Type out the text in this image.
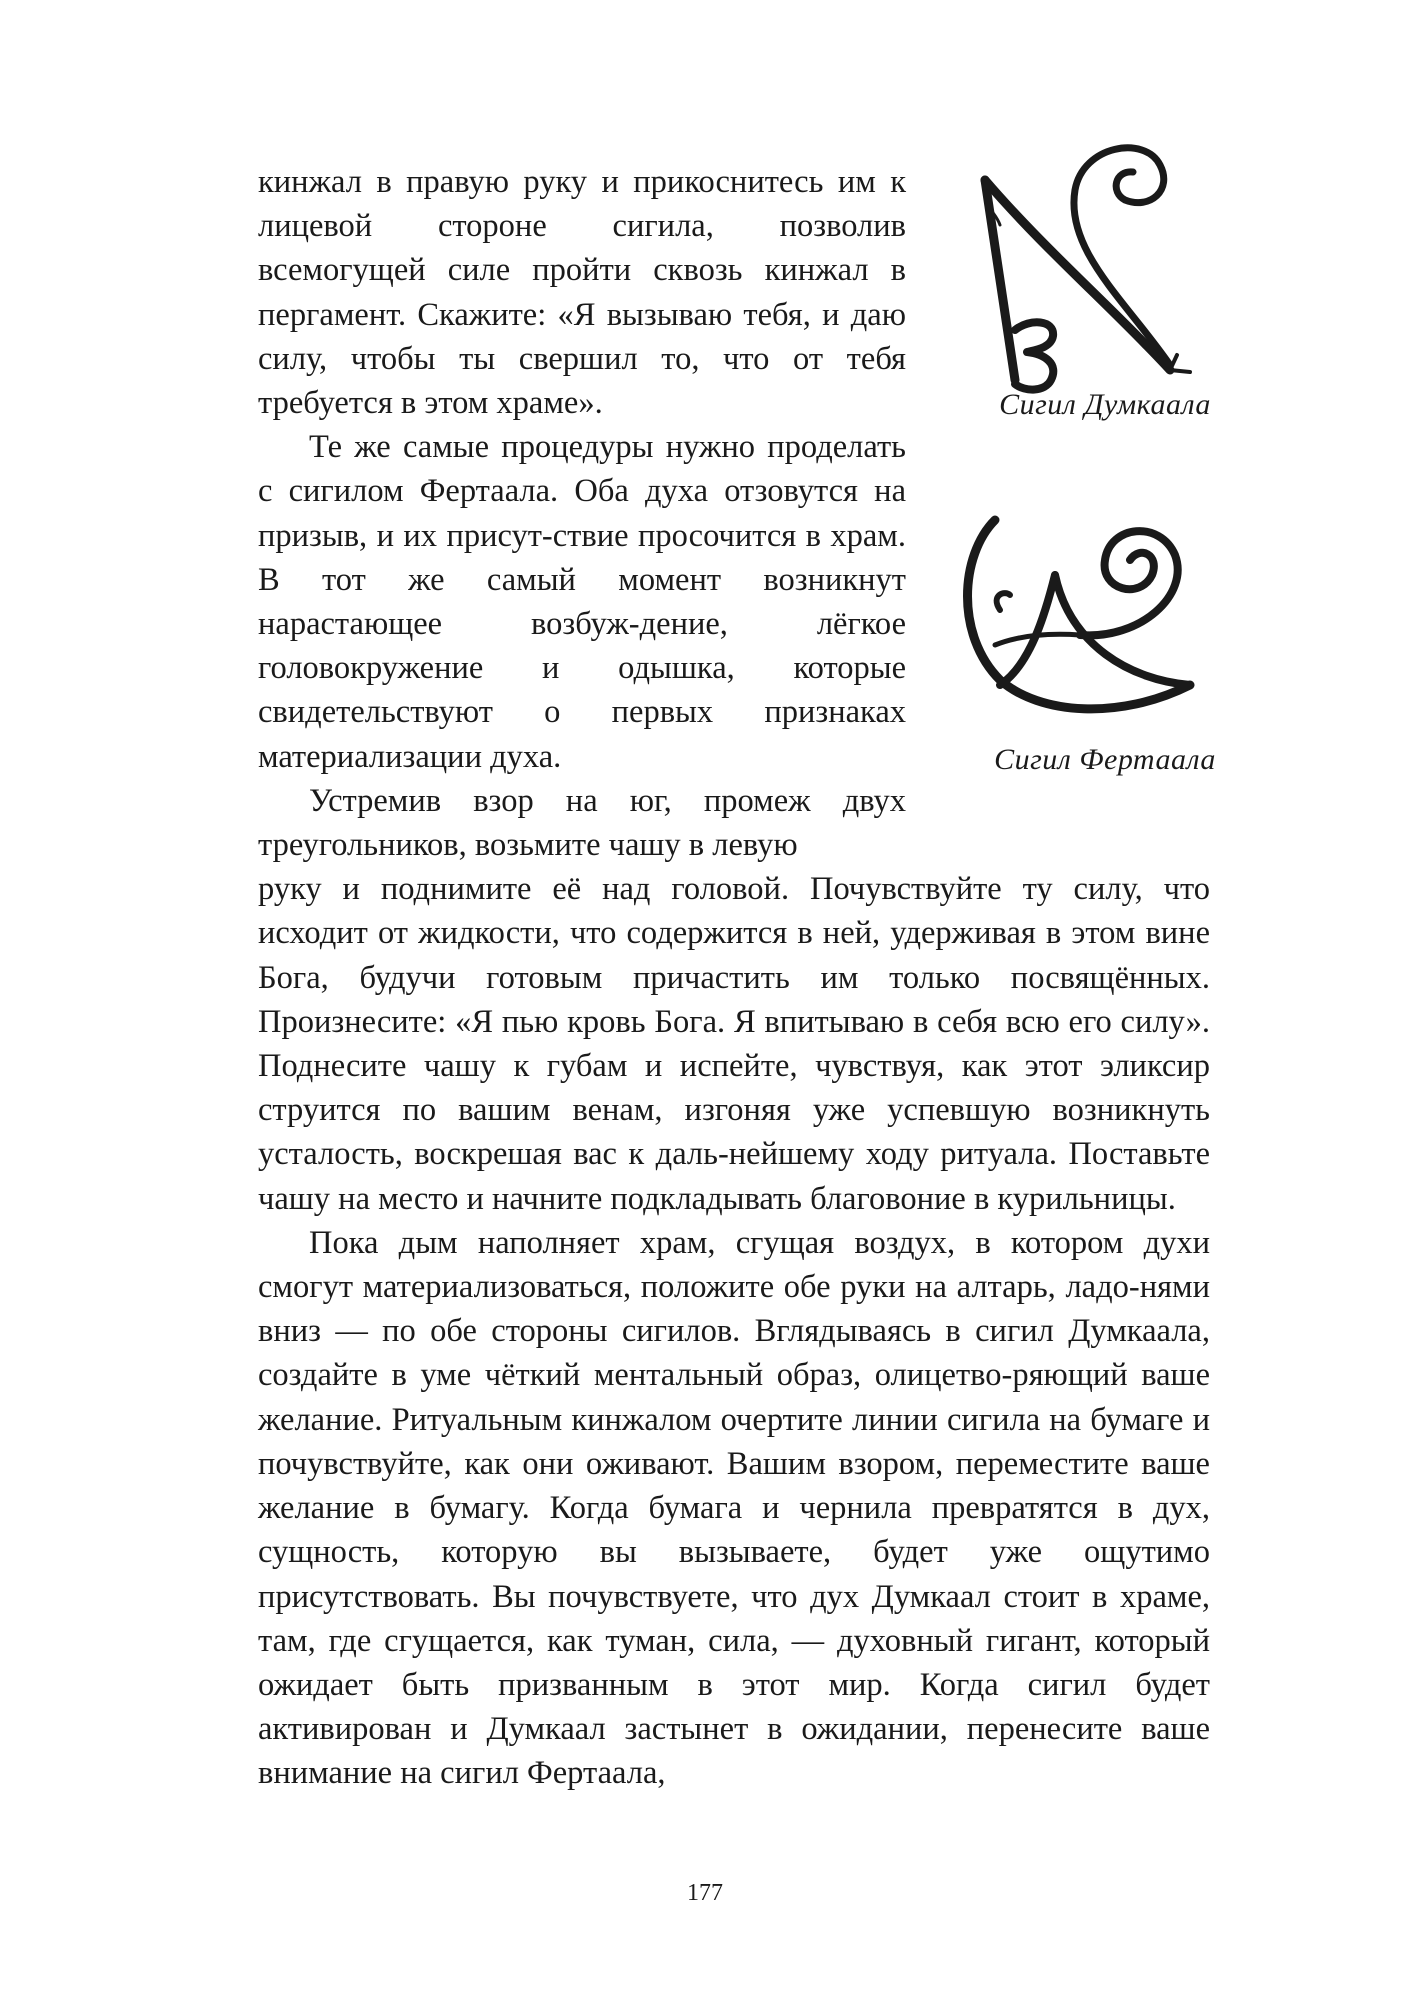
кинжал в правую руку и прикоснитесь им к лицевой стороне сигила, позволив всемогущей силе пройти сквозь кинжал в пергамент. Скажите: «Я вызываю тебя, и даю силу, чтобы ты свершил то, что от тебя требуется в этом храме».

Те же самые процедуры нужно проделать с сигилом Фертаала. Оба духа отзовутся на призыв, и их присут-ствие просочится в храм. В тот же самый момент возникнут нарастающее возбуж-дение, лёгкое головокружение и одышка, которые свидетельствуют о первых признаках материализации духа.

Устремив взор на юг, промеж двух треугольников, возьмите чашу в левую

руку и поднимите её над головой. Почувствуйте ту силу, что исходит от жидкости, что содержится в ней, удерживая в этом вине Бога, будучи готовым причастить им только посвящённых. Произнесите: «Я пью кровь Бога. Я впитываю в себя всю его силу». Поднесите чашу к губам и испейте, чувствуя, как этот эликсир струится по вашим венам, изгоняя уже успевшую возникнуть усталость, воскрешая вас к даль-нейшему ходу ритуала. Поставьте чашу на место и начните подкладывать благовоние в курильницы.

Пока дым наполняет храм, сгущая воздух, в котором духи смогут материализоваться, положите обе руки на алтарь, ладо-нями вниз — по обе стороны сигилов. Вглядываясь в сигил Думкаала, создайте в уме чёткий ментальный образ, олицетво-ряющий ваше желание. Ритуальным кинжалом очертите линии сигила на бумаге и почувствуйте, как они оживают. Вашим взором, переместите ваше желание в бумагу. Когда бумага и чернила превратятся в дух, сущность, которую вы вызываете, будет уже ощутимо присутствовать. Вы почувствуете, что дух Думкаал стоит в храме, там, где сгущается, как туман, сила, — духовный гигант, который ожидает быть призванным в этот мир. Когда сигил будет активирован и Думкаал застынет в ожидании, перенесите ваше внимание на сигил Фертаала,

Сигил Думкаала
Сигил Фертаала
177
